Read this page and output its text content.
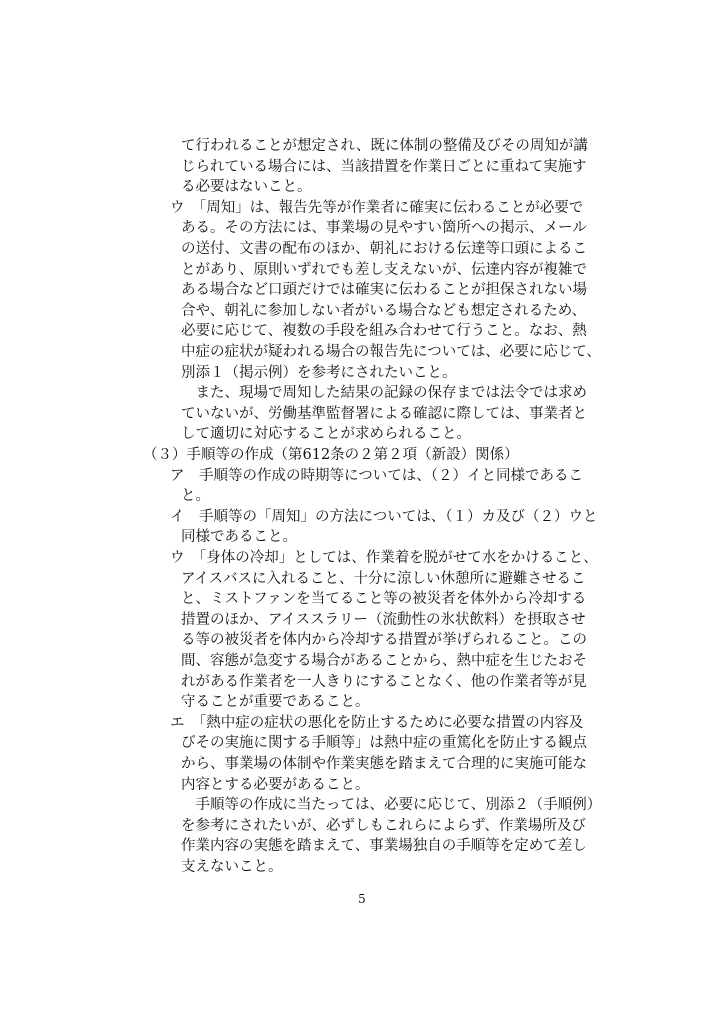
て行われることが想定され、既に体制の整備及びその周知が講

じられている場合には、当該措置を作業日ごとに重ねて実施す

る必要はないこと。

ウ　「周知」は、報告先等が作業者に確実に伝わることが必要で

ある。その方法には、事業場の見やすい箇所への掲示、メール

の送付、文書の配布のほか、朝礼における伝達等口頭によるこ

とがあり、原則いずれでも差し支えないが、伝達内容が複雑で

ある場合など口頭だけでは確実に伝わることが担保されない場

合や、朝礼に参加しない者がいる場合なども想定されるため、

必要に応じて、複数の手段を組み合わせて行うこと。なお、熱

中症の症状が疑われる場合の報告先については、必要に応じて、

別添１（掲示例）を参考にされたいこと。

　また、現場で周知した結果の記録の保存までは法令では求め

ていないが、労働基準監督署による確認に際しては、事業者と

して適切に対応することが求められること。

（３）手順等の作成（第612条の２第２項（新設）関係）

ア　手順等の作成の時期等については、（２）イと同様であるこ

と。

イ　手順等の「周知」の方法については、（１）カ及び（２）ウと

同様であること。

ウ　「身体の冷却」としては、作業着を脱がせて水をかけること、

アイスバスに入れること、十分に涼しい休憩所に避難させるこ

と、ミストファンを当てること等の被災者を体外から冷却する

措置のほか、アイススラリー（流動性の氷状飲料）を摂取させ

る等の被災者を体内から冷却する措置が挙げられること。この

間、容態が急変する場合があることから、熱中症を生じたおそ

れがある作業者を一人きりにすることなく、他の作業者等が見

守ることが重要であること。

エ　「熱中症の症状の悪化を防止するために必要な措置の内容及

びその実施に関する手順等」は熱中症の重篤化を防止する観点

から、事業場の体制や作業実態を踏まえて合理的に実施可能な

内容とする必要があること。

　手順等の作成に当たっては、必要に応じて、別添２（手順例）

を参考にされたいが、必ずしもこれらによらず、作業場所及び

作業内容の実態を踏まえて、事業場独自の手順等を定めて差し

支えないこと。

5
